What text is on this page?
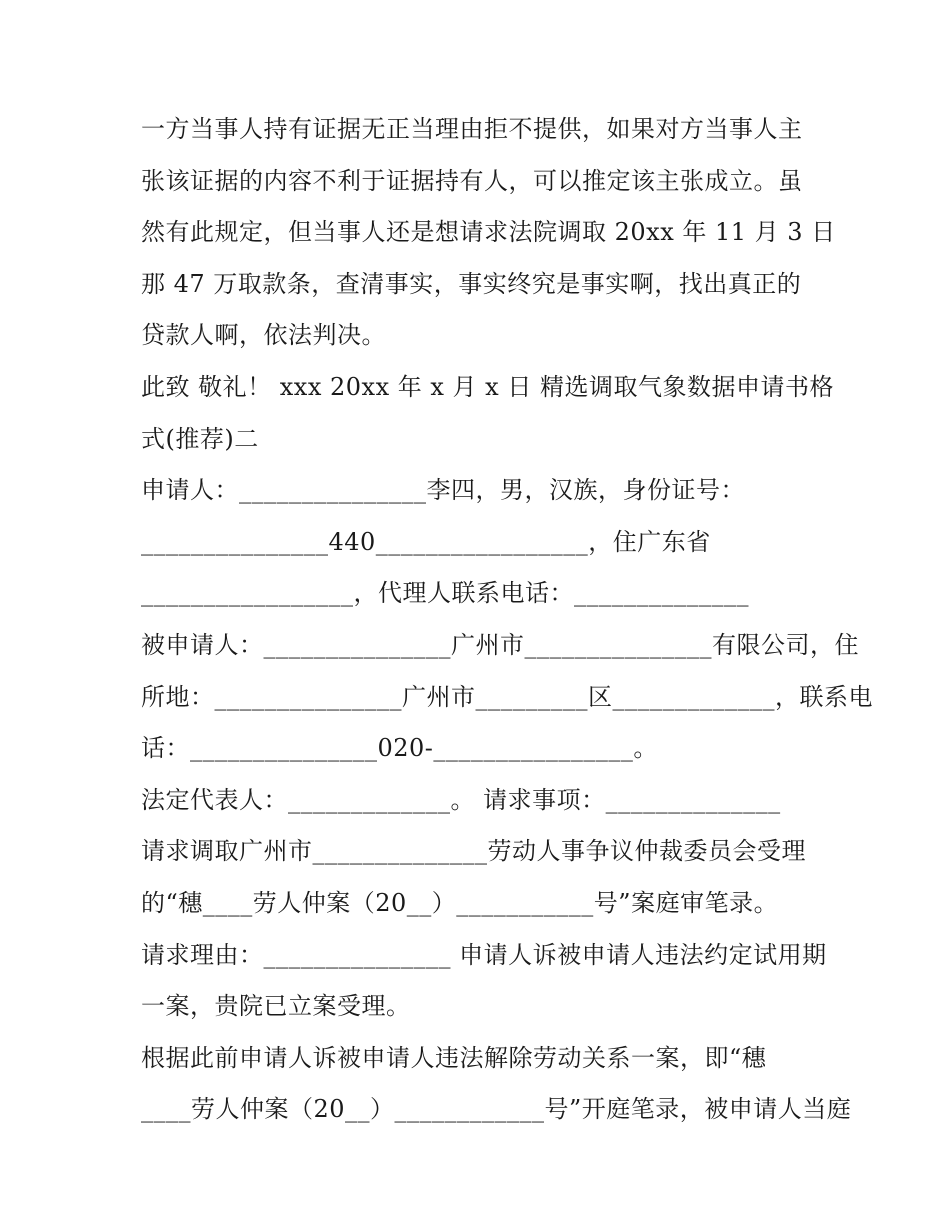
一方当事人持有证据无正当理由拒不提供，如果对方当事人主
张该证据的内容不利于证据持有人，可以推定该主张成立。虽
然有此规定，但当事人还是想请求法院调取 20xx 年 11 月 3 日
那 47 万取款条，查清事实，事实终究是事实啊，找出真正的
贷款人啊，依法判决。
此致 敬礼！ xxx 20xx 年 x 月 x 日 精选调取气象数据申请书格
式(推荐)二
申请人：_______________李四，男，汉族，身份证号：
_______________440_________________，住广东省
_________________，代理人联系电话：______________
被申请人：_______________广州市_______________有限公司，住
所地：_______________广州市_________区_____________，联系电
话：_______________020-________________。
法定代表人：_____________。 请求事项：______________
请求调取广州市______________劳动人事争议仲裁委员会受理
的“穗____劳人仲案（20__）___________号”案庭审笔录。
请求理由：_______________ 申请人诉被申请人违法约定试用期
一案，贵院已立案受理。
根据此前申请人诉被申请人违法解除劳动关系一案，即“穗
____劳人仲案（20__）____________号”开庭笔录，被申请人当庭
